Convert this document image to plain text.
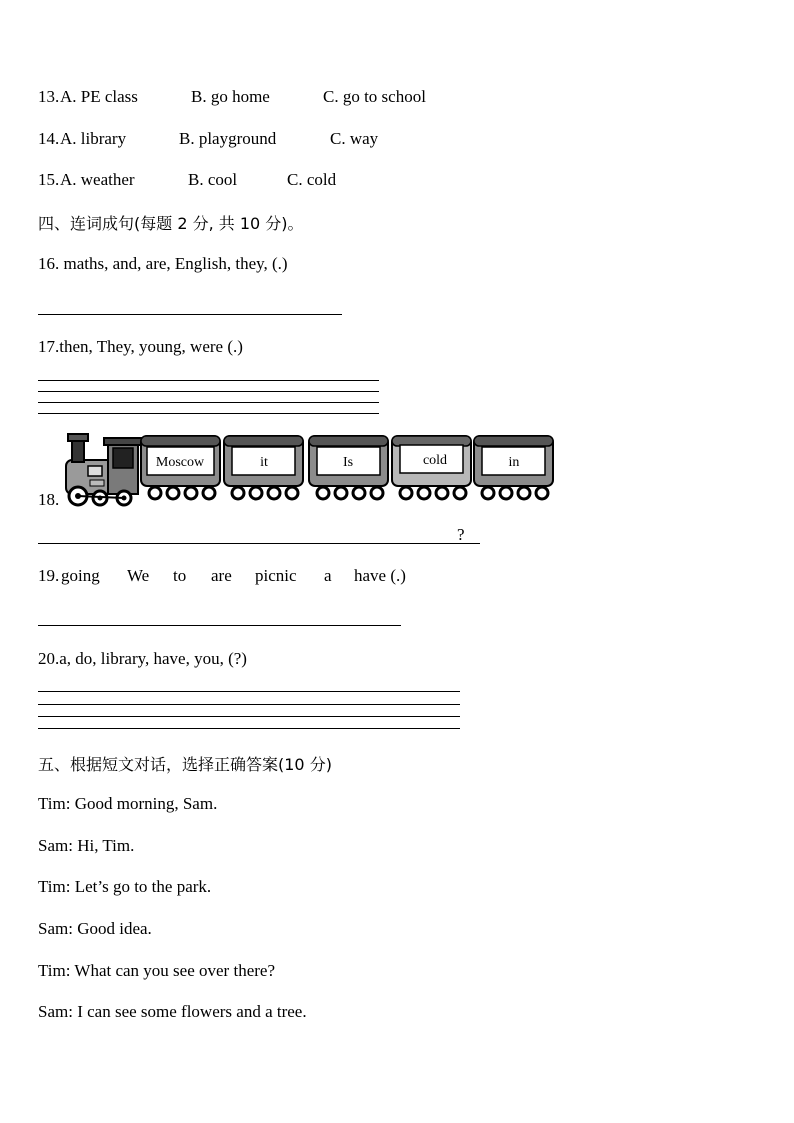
13. A. PE class	B. go home	C. go to school
14. A. library	B. playground	C. way
15. A. weather	B. cool	C. cold
四、连词成句(每题 2 分, 共 10 分)。
16. maths, and, are, English, they, (.)
17.then, They, young, were (.)
18.
Moscow	it	Is	cold	in
?
19. going We to are picnic a have (.)
20.a, do, library, have, you, (?)
五、根据短文对话，选择正确答案(10 分)
Tim: Good morning, Sam.
Sam: Hi, Tim.
Tim: Let’s go to the park.
Sam: Good idea.
Tim: What can you see over there?
Sam: I can see some flowers and a tree.
